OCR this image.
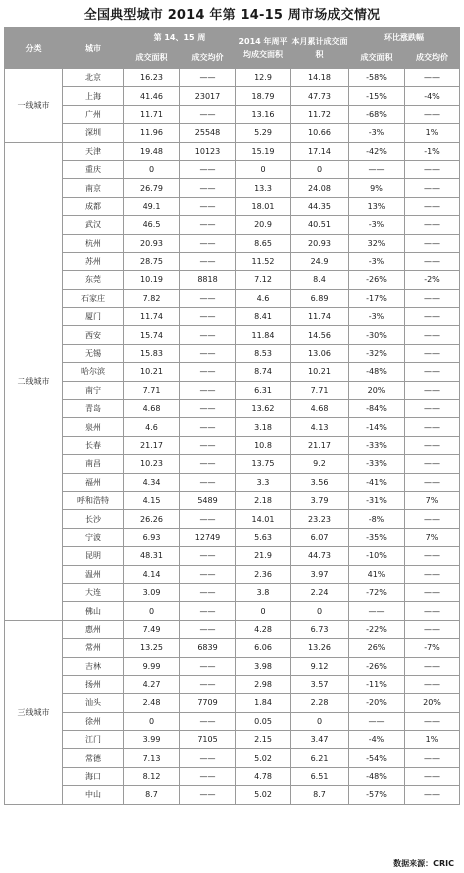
全国典型城市 2014 年第 14-15 周市场成交情况
分类	城市	第 14、15 周		2014 年周平均成交面积	本月累计成交面积	环比涨跌幅	
		成交面积	成交均价			成交面积	成交均价
一线城市	北京	16.23	——	12.9	14.18	-58%	——
	上海	41.46	23017	18.79	47.73	-15%	-4%
	广州	11.71	——	13.16	11.72	-68%	——
	深圳	11.96	25548	5.29	10.66	-3%	1%
二线城市	天津	19.48	10123	15.19	17.14	-42%	-1%
	重庆	0	——	0	0	——	——
	南京	26.79	——	13.3	24.08	9%	——
	成都	49.1	——	18.01	44.35	13%	——
	武汉	46.5	——	20.9	40.51	-3%	——
	杭州	20.93	——	8.65	20.93	32%	——
	苏州	28.75	——	11.52	24.9	-3%	——
	东莞	10.19	8818	7.12	8.4	-26%	-2%
	石家庄	7.82	——	4.6	6.89	-17%	——
	厦门	11.74	——	8.41	11.74	-3%	——
	西安	15.74	——	11.84	14.56	-30%	——
	无锡	15.83	——	8.53	13.06	-32%	——
	哈尔滨	10.21	——	8.74	10.21	-48%	——
	南宁	7.71	——	6.31	7.71	20%	——
	青岛	4.68	——	13.62	4.68	-84%	——
	泉州	4.6	——	3.18	4.13	-14%	——
	长春	21.17	——	10.8	21.17	-33%	——
	南昌	10.23	——	13.75	9.2	-33%	——
	福州	4.34	——	3.3	3.56	-41%	——
	呼和浩特	4.15	5489	2.18	3.79	-31%	7%
	长沙	26.26	——	14.01	23.23	-8%	——
	宁波	6.93	12749	5.63	6.07	-35%	7%
	昆明	48.31	——	21.9	44.73	-10%	——
	温州	4.14	——	2.36	3.97	41%	——
	大连	3.09	——	3.8	2.24	-72%	——
	佛山	0	——	0	0	——	——
三线城市	惠州	7.49	——	4.28	6.73	-22%	——
	常州	13.25	6839	6.06	13.26	26%	-7%
	吉林	9.99	——	3.98	9.12	-26%	——
	扬州	4.27	——	2.98	3.57	-11%	——
	汕头	2.48	7709	1.84	2.28	-20%	20%
	徐州	0	——	0.05	0	——	——
	江门	3.99	7105	2.15	3.47	-4%	1%
	常德	7.13	——	5.02	6.21	-54%	——
	海口	8.12	——	4.78	6.51	-48%	——
	中山	8.7	——	5.02	8.7	-57%	——
数据来源：CRIC
